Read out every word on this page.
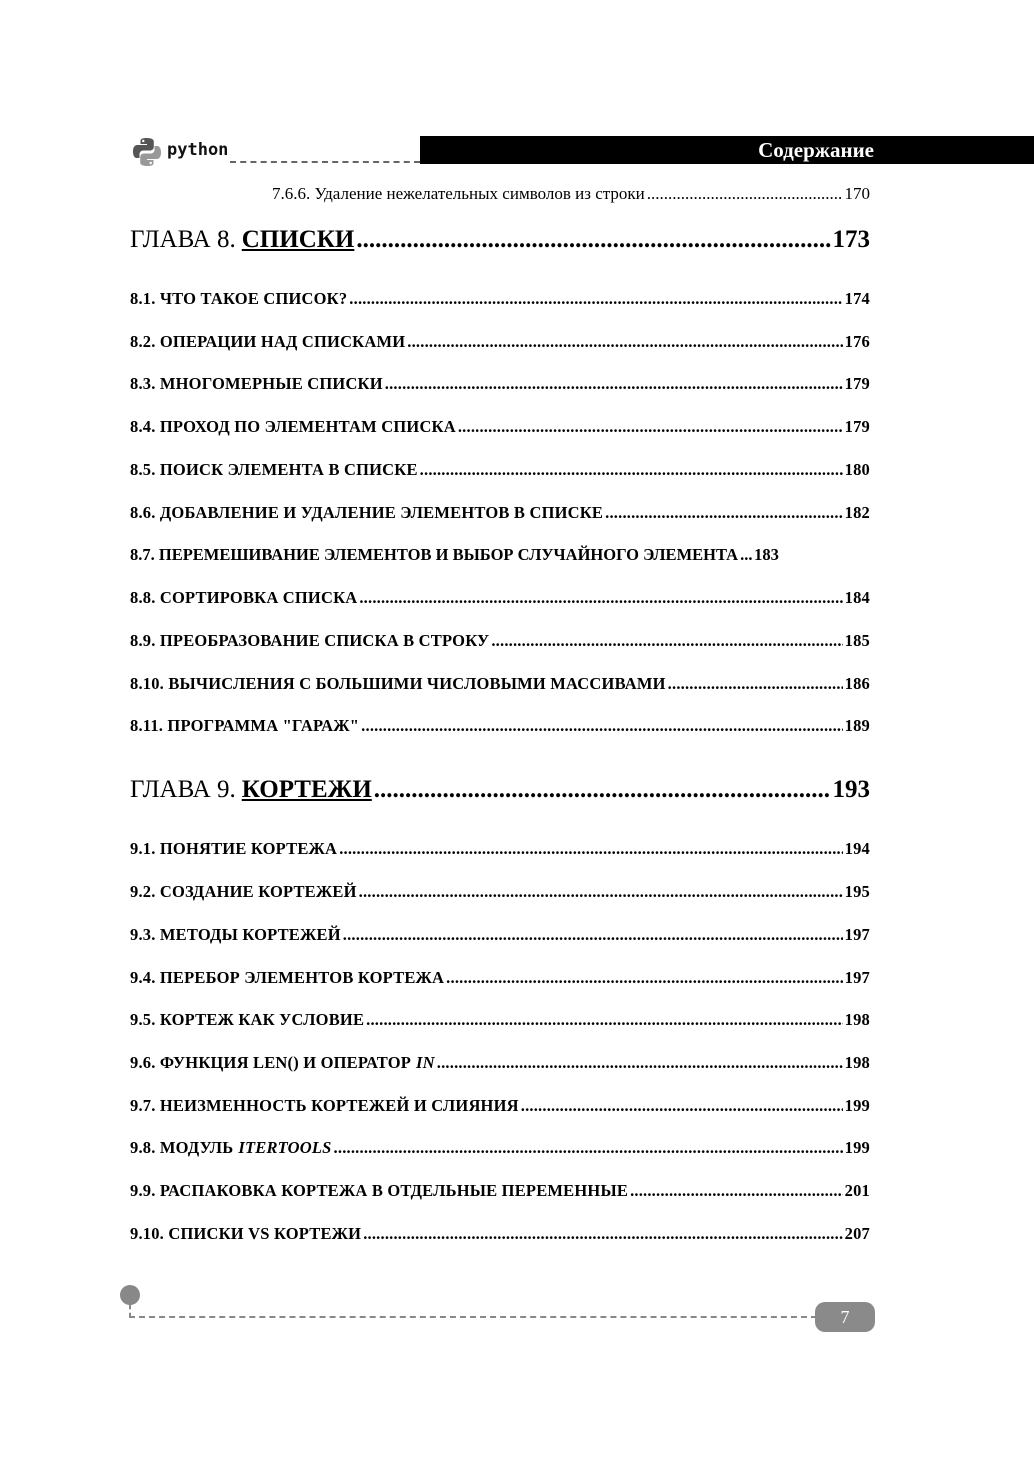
python	Содержание
7.6.6. Удаление нежелательных символов из строки .....	170
ГЛАВА 8. СПИСКИ .....	173
8.1. ЧТО ТАКОЕ СПИСОК? .....	174
8.2. ОПЕРАЦИИ НАД СПИСКАМИ .....	176
8.3. МНОГОМЕРНЫЕ СПИСКИ .....	179
8.4. ПРОХОД ПО ЭЛЕМЕНТАМ СПИСКА .....	179
8.5. ПОИСК ЭЛЕМЕНТА В СПИСКЕ .....	180
8.6. ДОБАВЛЕНИЕ И УДАЛЕНИЕ ЭЛЕМЕНТОВ В СПИСКЕ .....	182
8.7. ПЕРЕМЕШИВАНИЕ ЭЛЕМЕНТОВ И ВЫБОР СЛУЧАЙНОГО ЭЛЕМЕНТА ..... 183
8.8. СОРТИРОВКА СПИСКА .....	184
8.9. ПРЕОБРАЗОВАНИЕ СПИСКА В СТРОКУ .....	185
8.10. ВЫЧИСЛЕНИЯ С БОЛЬШИМИ ЧИСЛОВЫМИ МАССИВАМИ .....	186
8.11. ПРОГРАММА "ГАРАЖ" .....	189
ГЛАВА 9. КОРТЕЖИ .....	193
9.1. ПОНЯТИЕ КОРТЕЖА .....	194
9.2. СОЗДАНИЕ КОРТЕЖЕЙ .....	195
9.3. МЕТОДЫ КОРТЕЖЕЙ .....	197
9.4. ПЕРЕБОР ЭЛЕМЕНТОВ КОРТЕЖА .....	197
9.5. КОРТЕЖ КАК УСЛОВИЕ .....	198
9.6. ФУНКЦИЯ LEN() И ОПЕРАТОР IN .....	198
9.7. НЕИЗМЕННОСТЬ КОРТЕЖЕЙ И СЛИЯНИЯ .....	199
9.8. МОДУЛЬ ITERTOOLS .....	199
9.9. РАСПАКОВКА КОРТЕЖА В ОТДЕЛЬНЫЕ ПЕРЕМЕННЫЕ .....	201
9.10. СПИСКИ VS КОРТЕЖИ .....	207
7
